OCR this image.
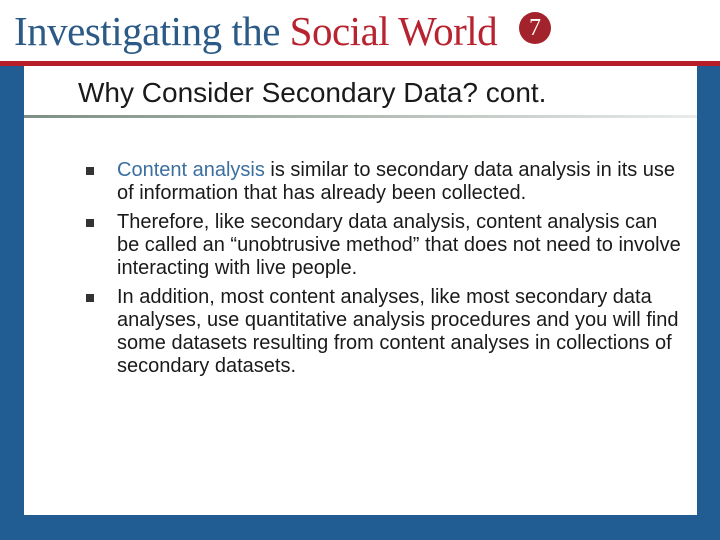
Investigating the Social World	7
Why Consider Secondary Data? cont.
Content analysis is similar to secondary data analysis in its use of information that has already been collected.
Therefore, like secondary data analysis, content analysis can be called an “unobtrusive method” that does not need to involve interacting with live people.
In addition, most content analyses, like most secondary data analyses, use quantitative analysis procedures and you will find some datasets resulting from content analyses in collections of secondary datasets.
